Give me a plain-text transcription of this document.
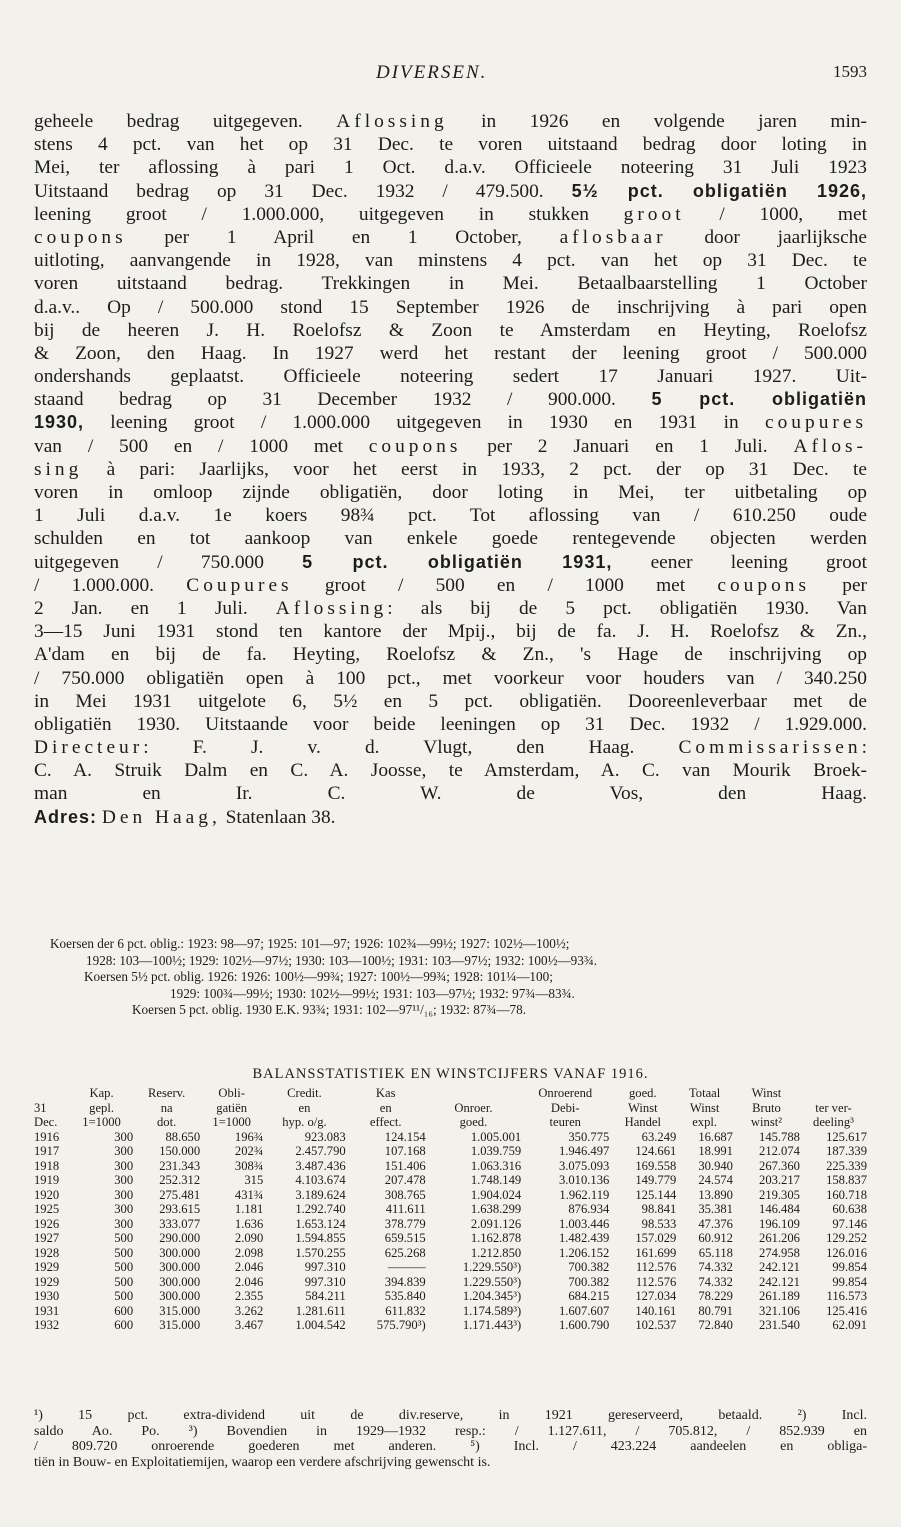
DIVERSEN.	1593
geheele bedrag uitgegeven. Aflossing in 1926 en volgende jaren min-
stens 4 pct. van het op 31 Dec. te voren uitstaand bedrag door loting in
Mei, ter aflossing à pari 1 Oct. d.a.v. Officieele noteering 31 Juli 1923
Uitstaand bedrag op 31 Dec. 1932 / 479.500. 5½ pct. obligatiën 1926,
leening groot / 1.000.000, uitgegeven in stukken groot / 1000, met
coupons per 1 April en 1 October, aflosbaar door jaarlijksche
uitloting, aanvangende in 1928, van minstens 4 pct. van het op 31 Dec. te
voren uitstaand bedrag. Trekkingen in Mei. Betaalbaarstelling 1 October
d.a.v.. Op / 500.000 stond 15 September 1926 de inschrijving à pari open
bij de heeren J. H. Roelofsz & Zoon te Amsterdam en Heyting, Roelofsz
& Zoon, den Haag. In 1927 werd het restant der leening groot / 500.000
ondershands geplaatst. Officieele noteering sedert 17 Januari 1927. Uit-
staand bedrag op 31 December 1932 / 900.000. 5 pct. obligatiën
1930, leening groot / 1.000.000 uitgegeven in 1930 en 1931 in coupures
van / 500 en / 1000 met coupons per 2 Januari en 1 Juli. Aflos-
sing à pari: Jaarlijks, voor het eerst in 1933, 2 pct. der op 31 Dec. te
voren in omloop zijnde obligatiën, door loting in Mei, ter uitbetaling op
1 Juli d.a.v. 1e koers 98¾ pct. Tot aflossing van / 610.250 oude
schulden en tot aankoop van enkele goede rentegevende objecten werden
uitgegeven / 750.000 5 pct. obligatiën 1931, eener leening groot
/ 1.000.000. Coupures groot / 500 en / 1000 met coupons per
2 Jan. en 1 Juli. Aflossing: als bij de 5 pct. obligatiën 1930. Van
3—15 Juni 1931 stond ten kantore der Mpij., bij de fa. J. H. Roelofsz & Zn.,
A'dam en bij de fa. Heyting, Roelofsz & Zn., 's Hage de inschrijving op
/ 750.000 obligatiën open à 100 pct., met voorkeur voor houders van / 340.250
in Mei 1931 uitgelote 6, 5½ en 5 pct. obligatiën. Dooreenleverbaar met de
obligatiën 1930. Uitstaande voor beide leeningen op 31 Dec. 1932 / 1.929.000.
Directeur: F. J. v. d. Vlugt, den Haag. Commissarissen:
C. A. Struik Dalm en C. A. Joosse, te Amsterdam, A. C. van Mourik Broek-
man en Ir. C. W. de Vos, den Haag.
Adres: Den Haag, Statenlaan 38.
Koersen der 6 pct. oblig.: 1923: 98—97; 1925: 101—97; 1926: 102¾—99½; 1927: 102½—100½;
1928: 103—100½; 1929: 102½—97½; 1930: 103—100½; 1931: 103—97½; 1932: 100½—93¾.
Koersen 5½ pct. oblig. 1926: 1926: 100½—99¾; 1927: 100½—99¾; 1928: 101¼—100;
1929: 100¾—99½; 1930: 102½—99½; 1931: 103—97½; 1932: 97¾—83¾.
Koersen 5 pct. oblig. 1930 E.K. 93¾; 1931: 102—97¹¹/₁₆; 1932: 87¾—78.
BALANSSTATISTIEK EN WINSTCIJFERS VANAF 1916.
	Kap.	Reserv.	Obli-	Credit.	Kas		Onroerend	goed.	Totaal	Winst	
31	gepl.	na	gatiën	en	en	Onroer.	Debi-	Winst	Winst	Bruto	ter ver-
Dec.	1=1000	dot.	1=1000	hyp. o/g.	effect.	goed.	teuren	Handel	expl.	winst²	deeling³
1916	300	88.650	196¾	923.083	124.154	1.005.001	350.775	63.249	16.687	145.788	125.617
1917	300	150.000	202¾	2.457.790	107.168	1.039.759	1.946.497	124.661	18.991	212.074	187.339
1918	300	231.343	308¾	3.487.436	151.406	1.063.316	3.075.093	169.558	30.940	267.360	225.339
1919	300	252.312	315	4.103.674	207.478	1.748.149	3.010.136	149.779	24.574	203.217	158.837
1920	300	275.481	431¾	3.189.624	308.765	1.904.024	1.962.119	125.144	13.890	219.305	160.718
1925	300	293.615	1.181	1.292.740	411.611	1.638.299	876.934	98.841	35.381	146.484	60.638
1926	300	333.077	1.636	1.653.124	378.779	2.091.126	1.003.446	98.533	47.376	196.109	97.146
1927	500	290.000	2.090	1.594.855	659.515	1.162.878	1.482.439	157.029	60.912	261.206	129.252
1928	500	300.000	2.098	1.570.255	625.268	1.212.850	1.206.152	161.699	65.118	274.958	126.016
1929	500	300.000	2.046	997.310	———	1.229.550³)	700.382	112.576	74.332	242.121	99.854
1929	500	300.000	2.046	997.310	394.839	1.229.550³)	700.382	112.576	74.332	242.121	99.854
1930	500	300.000	2.355	584.211	535.840	1.204.345³)	684.215	127.034	78.229	261.189	116.573
1931	600	315.000	3.262	1.281.611	611.832	1.174.589³)	1.607.607	140.161	80.791	321.106	125.416
1932	600	315.000	3.467	1.004.542	575.790³)	1.171.443³)	1.600.790	102.537	72.840	231.540	62.091
¹) 15 pct. extra-dividend uit de div.reserve, in 1921 gereserveerd, betaald. ²) Incl.
saldo Ao. Po. ³) Bovendien in 1929—1932 resp.: / 1.127.611, / 705.812, / 852.939 en
/ 809.720 onroerende goederen met anderen. ⁵) Incl. / 423.224 aandeelen en obliga-
tiën in Bouw- en Exploitatiemijen, waarop een verdere afschrijving gewenscht is.
